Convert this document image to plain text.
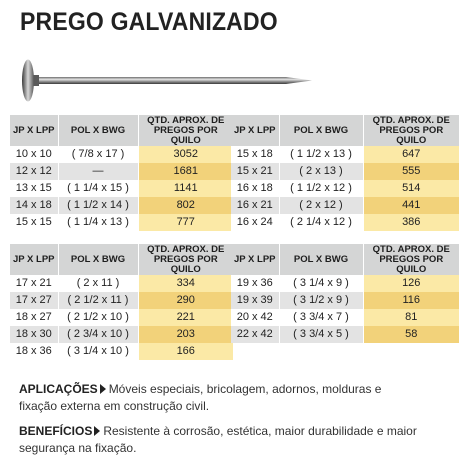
PREGO GALVANIZADO
JP X LPP	POL X BWG	QTD. APROX. DE
PREGOS POR QUILO
10 x 10	( 7/8 x 17 )	3052
12 x 12	—	1681
13 x 15	( 1 1/4 x 15 )	1141
14 x 18	( 1 1/2 x 14 )	802
15 x 15	( 1 1/4 x 13 )	777
JP X LPP	POL X BWG	QTD. APROX. DE
PREGOS POR QUILO
15 x 18	( 1 1/2 x 13 )	647
15 x 21	( 2 x 13 )	555
16 x 18	( 1 1/2 x 12 )	514
16 x 21	( 2 x 12 )	441
16 x 24	( 2 1/4 x 12 )	386
JP X LPP	POL X BWG	QTD. APROX. DE
PREGOS POR QUILO
17 x 21	( 2 x 11 )	334
17 x 27	( 2 1/2 x 11 )	290
18 x 27	( 2 1/2 x 10 )	221
18 x 30	( 2 3/4 x 10 )	203
18 x 36	( 3 1/4 x 10 )	166
JP X LPP	POL X BWG	QTD. APROX. DE
PREGOS POR QUILO
19 x 36	( 3 1/4 x 9 )	126
19 x 39	( 3 1/2 x 9 )	116
20 x 42	( 3 3/4 x 7 )	81
22 x 42	( 3 3/4 x 5 )	58
APLICAÇÕES Móveis especiais, bricolagem, adornos, molduras e
fixação externa em construção civil.
BENEFÍCIOS Resistente à corrosão, estética, maior durabilidade e maior
segurança na fixação.
